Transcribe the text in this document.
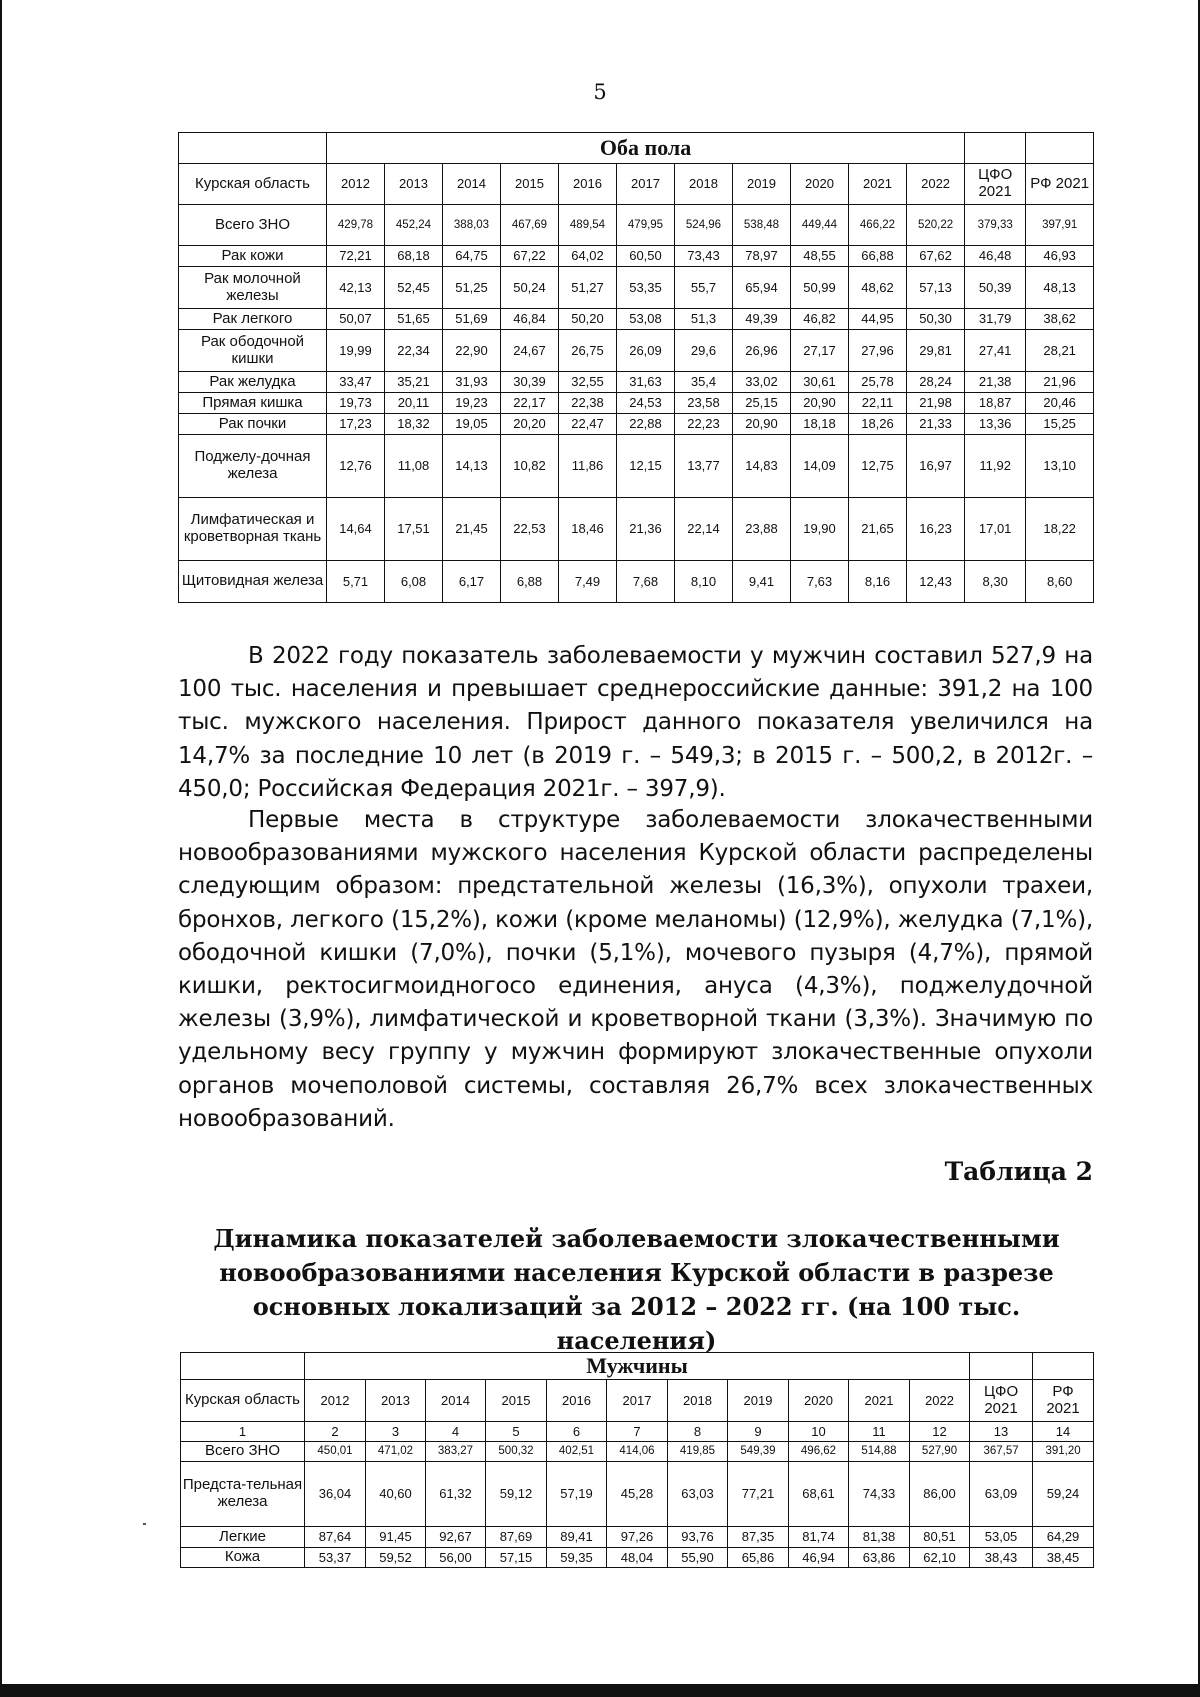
5
	Оба пола												
Курская область	2012	2013	2014	2015	2016	2017	2018	2019	2020	2021	2022	ЦФО 2021	РФ 2021
Всего ЗНО	429,78	452,24	388,03	467,69	489,54	479,95	524,96	538,48	449,44	466,22	520,22	379,33	397,91
Рак кожи	72,21	68,18	64,75	67,22	64,02	60,50	73,43	78,97	48,55	66,88	67,62	46,48	46,93
Рак молочной железы	42,13	52,45	51,25	50,24	51,27	53,35	55,7	65,94	50,99	48,62	57,13	50,39	48,13
Рак легкого	50,07	51,65	51,69	46,84	50,20	53,08	51,3	49,39	46,82	44,95	50,30	31,79	38,62
Рак ободочной кишки	19,99	22,34	22,90	24,67	26,75	26,09	29,6	26,96	27,17	27,96	29,81	27,41	28,21
Рак желудка	33,47	35,21	31,93	30,39	32,55	31,63	35,4	33,02	30,61	25,78	28,24	21,38	21,96
Прямая кишка	19,73	20,11	19,23	22,17	22,38	24,53	23,58	25,15	20,90	22,11	21,98	18,87	20,46
Рак почки	17,23	18,32	19,05	20,20	22,47	22,88	22,23	20,90	18,18	18,26	21,33	13,36	15,25
Поджелу-дочная железа	12,76	11,08	14,13	10,82	11,86	12,15	13,77	14,83	14,09	12,75	16,97	11,92	13,10
Лимфатическая и кроветворная ткань	14,64	17,51	21,45	22,53	18,46	21,36	22,14	23,88	19,90	21,65	16,23	17,01	18,22
Щитовидная железа	5,71	6,08	6,17	6,88	7,49	7,68	8,10	9,41	7,63	8,16	12,43	8,30	8,60
В 2022 году показатель заболеваемости у мужчин составил 527,9 на 100 тыс. населения и превышает среднероссийские данные: 391,2 на 100 тыс. мужского населения. Прирост данного показателя увеличился на 14,7% за последние 10 лет (в 2019 г. – 549,3; в 2015 г. – 500,2, в 2012г. – 450,0; Российская Федерация 2021г. – 397,9).
Первые места в структуре заболеваемости злокачественными новообразованиями мужского населения Курской области распределены следующим образом: предстательной железы (16,3%), опухоли трахеи, бронхов, легкого (15,2%), кожи (кроме меланомы) (12,9%), желудка (7,1%), ободочной кишки (7,0%), почки (5,1%), мочевого пузыря (4,7%), прямой кишки, ректосигмоидногосо единения, ануса (4,3%), поджелудочной железы (3,9%), лимфатической и кроветворной ткани (3,3%). Значимую по удельному весу группу у мужчин формируют злокачественные опухоли органов мочеполовой системы, составляя 26,7% всех злокачественных новообразований.
Таблица 2
Динамика показателей заболеваемости злокачественными новообразованиями населения Курской области в разрезе основных локализаций за 2012 – 2022 гг. (на 100 тыс. населения)
	Мужчины												
Курская область	2012	2013	2014	2015	2016	2017	2018	2019	2020	2021	2022	ЦФО 2021	РФ 2021
1	2	3	4	5	6	7	8	9	10	11	12	13	14
Всего ЗНО	450,01	471,02	383,27	500,32	402,51	414,06	419,85	549,39	496,62	514,88	527,90	367,57	391,20
Предста-тельная железа	36,04	40,60	61,32	59,12	57,19	45,28	63,03	77,21	68,61	74,33	86,00	63,09	59,24
Легкие	87,64	91,45	92,67	87,69	89,41	97,26	93,76	87,35	81,74	81,38	80,51	53,05	64,29
Кожа	53,37	59,52	56,00	57,15	59,35	48,04	55,90	65,86	46,94	63,86	62,10	38,43	38,45
